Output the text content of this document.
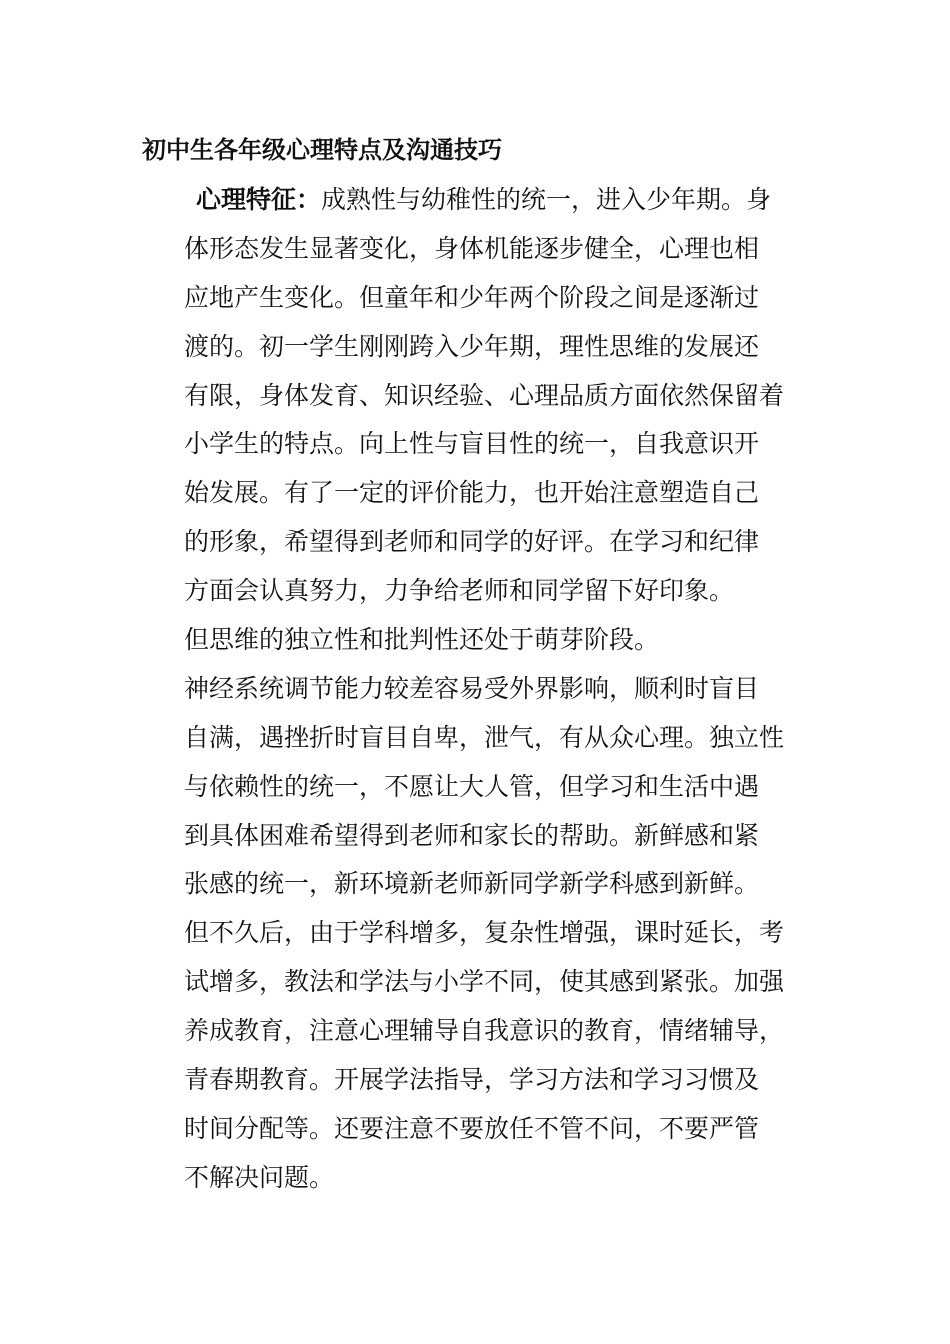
初中生各年级心理特点及沟通技巧
心理特征：成熟性与幼稚性的统一，进入少年期。身
体形态发生显著变化，身体机能逐步健全，心理也相
应地产生变化。但童年和少年两个阶段之间是逐渐过
渡的。初一学生刚刚跨入少年期，理性思维的发展还
有限，身体发育、知识经验、心理品质方面依然保留着
小学生的特点。向上性与盲目性的统一，自我意识开
始发展。有了一定的评价能力，也开始注意塑造自己
的形象，希望得到老师和同学的好评。在学习和纪律
方面会认真努力，力争给老师和同学留下好印象。
但思维的独立性和批判性还处于萌芽阶段。
神经系统调节能力较差容易受外界影响，顺利时盲目
自满，遇挫折时盲目自卑，泄气，有从众心理。独立性
与依赖性的统一，不愿让大人管，但学习和生活中遇
到具体困难希望得到老师和家长的帮助。新鲜感和紧
张感的统一，新环境新老师新同学新学科感到新鲜。
但不久后，由于学科增多，复杂性增强，课时延长，考
试增多，教法和学法与小学不同，使其感到紧张。加强
养成教育，注意心理辅导自我意识的教育，情绪辅导，
青春期教育。开展学法指导，学习方法和学习习惯及
时间分配等。还要注意不要放任不管不问，不要严管
不解决问题。
